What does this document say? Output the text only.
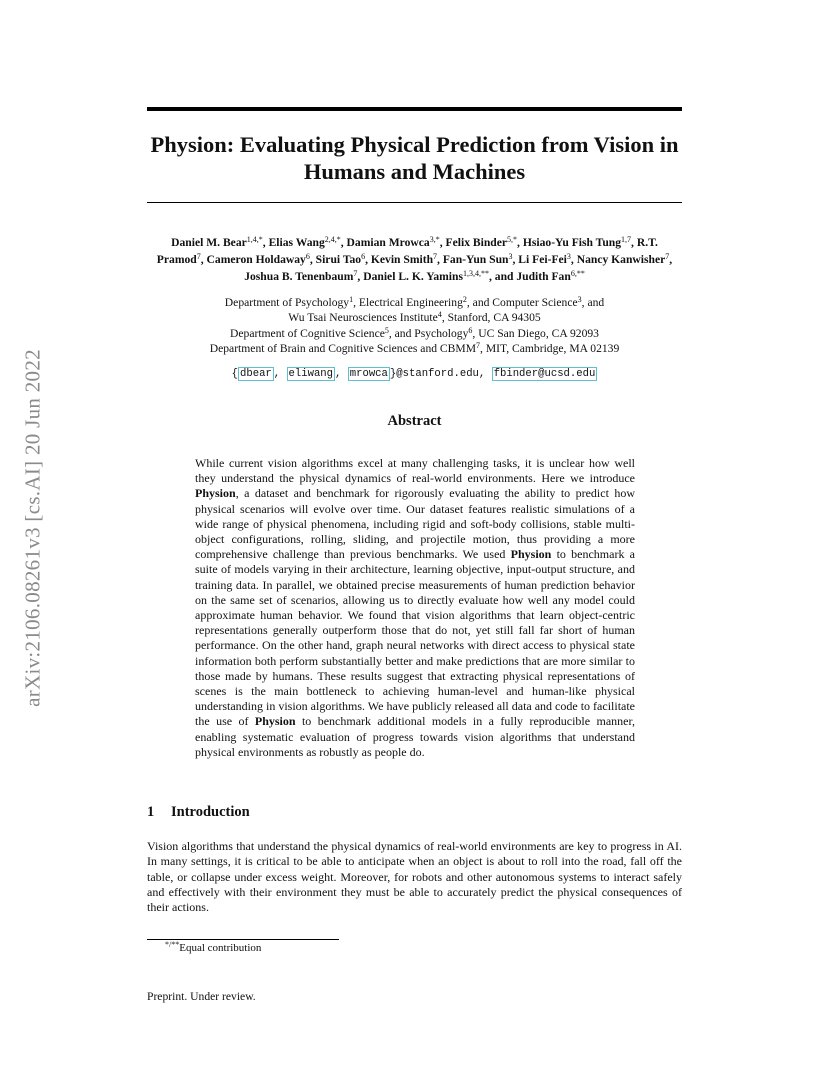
arXiv:2106.08261v3 [cs.AI] 20 Jun 2022
Physion: Evaluating Physical Prediction from Vision in Humans and Machines
Daniel M. Bear$^{1,4,*}$, Elias Wang$^{2,4,*}$, Damian Mrowca$^{3,*}$, Felix Binder$^{5,*}$, Hsiao-Yu Fish Tung$^{1,7}$, R.T. Pramod$^7$, Cameron Holdaway$^6$, Sirui Tao$^6$, Kevin Smith$^7$, Fan-Yun Sun$^3$, Li Fei-Fei$^3$, Nancy Kanwisher$^7$, Joshua B. Tenenbaum$^7$, Daniel L. K. Yamins$^{1,3,4,**}$, and Judith Fan$^{6,**}$
Department of Psychology$^1$, Electrical Engineering$^2$, and Computer Science$^3$, and
Wu Tsai Neurosciences Institute$^4$, Stanford, CA 94305
Department of Cognitive Science$^5$, and Psychology$^6$, UC San Diego, CA 92093
Department of Brain and Cognitive Sciences and CBMM$^7$, MIT, Cambridge, MA 02139
{ dbear , eliwang , mrowca }@stanford.edu, fbinder@ucsd.edu
Abstract
While current vision algorithms excel at many challenging tasks, it is unclear how well they understand the physical dynamics of real-world environments. Here we introduce Physion, a dataset and benchmark for rigorously evaluating the ability to predict how physical scenarios will evolve over time. Our dataset features realistic simulations of a wide range of physical phenomena, including rigid and soft-body collisions, stable multi-object configurations, rolling, sliding, and projectile motion, thus providing a more comprehensive challenge than previous benchmarks. We used Physion to benchmark a suite of models varying in their architecture, learning objective, input-output structure, and training data. In parallel, we obtained precise measurements of human prediction behavior on the same set of scenarios, allowing us to directly evaluate how well any model could approximate human behavior. We found that vision algorithms that learn object-centric representations generally outperform those that do not, yet still fall far short of human performance. On the other hand, graph neural networks with direct access to physical state information both perform substantially better and make predictions that are more similar to those made by humans. These results suggest that extracting physical representations of scenes is the main bottleneck to achieving human-level and human-like physical understanding in vision algorithms. We have publicly released all data and code to facilitate the use of Physion to benchmark additional models in a fully reproducible manner, enabling systematic evaluation of progress towards vision algorithms that understand physical environments as robustly as people do.
1 Introduction
Vision algorithms that understand the physical dynamics of real-world environments are key to progress in AI. In many settings, it is critical to be able to anticipate when an object is about to roll into the road, fall off the table, or collapse under excess weight. Moreover, for robots and other autonomous systems to interact safely and effectively with their environment they must be able to accurately predict the physical consequences of their actions.
*/**Equal contribution
Preprint. Under review.
